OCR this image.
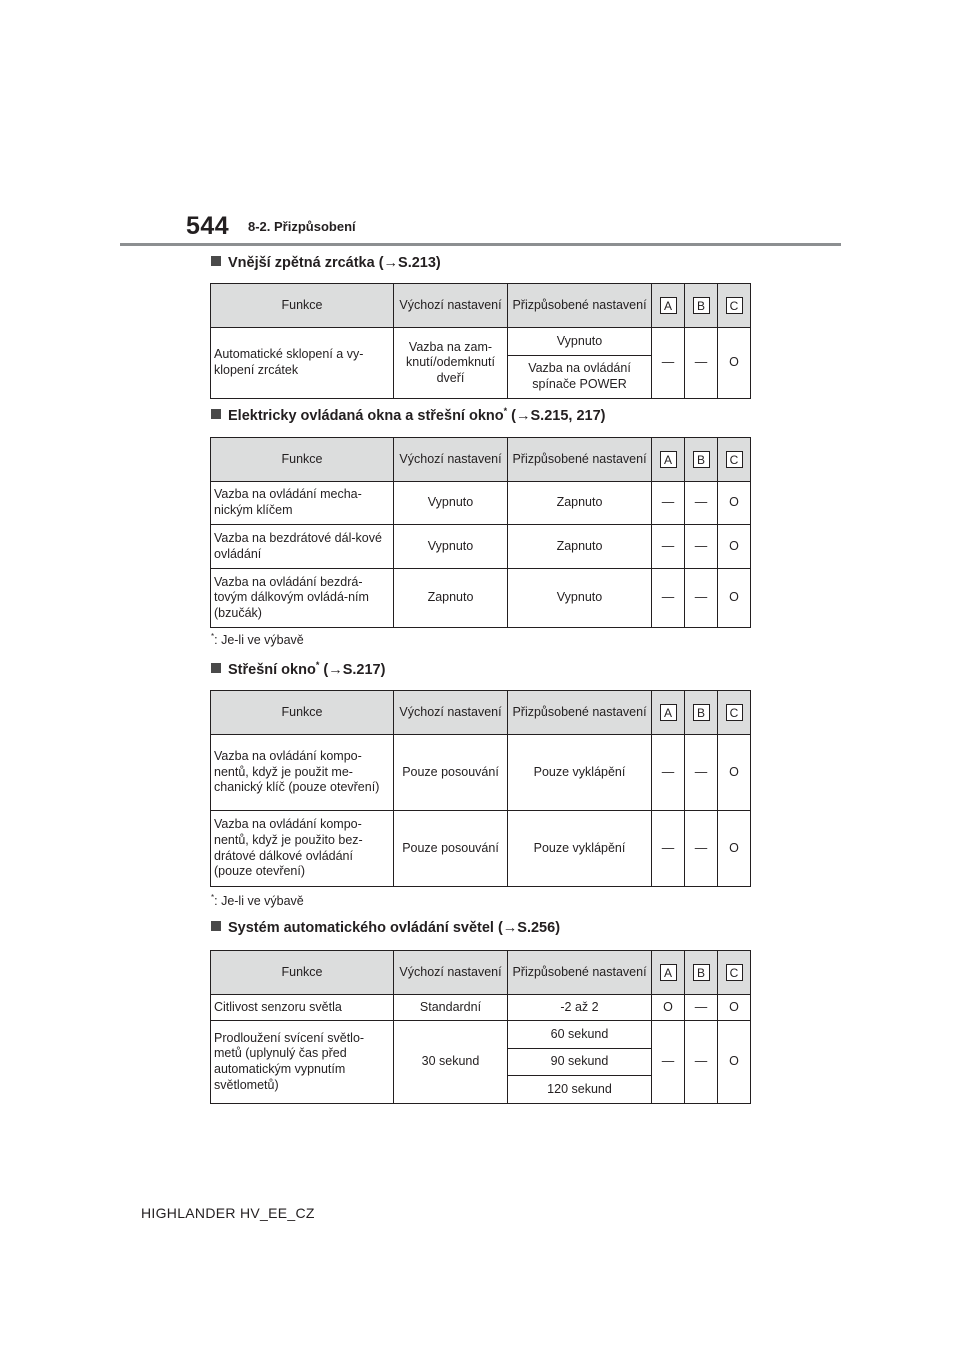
544 8-2. Přizpůsobení
Vnější zpětná zrcátka (→S.213)
Funkce	Výchozí nastavení	Přizpůsobené nastavení	A	B	C
Automatické sklopení a vy-klopení zrcátek	Vazba na zam-knutí/odemknutí dveří	Vypnuto	—	—	O
		Vazba na ovládání spínače POWER			
Elektricky ovládaná okna a střešní okno* (→S.215, 217)
Funkce	Výchozí nastavení	Přizpůsobené nastavení	A	B	C
Vazba na ovládání mecha-nickým klíčem	Vypnuto	Zapnuto	—	—	O
Vazba na bezdrátové dál-kové ovládání	Vypnuto	Zapnuto	—	—	O
Vazba na ovládání bezdrá-tovým dálkovým ovládá-ním (bzučák)	Zapnuto	Vypnuto	—	—	O
*: Je-li ve výbavě
Střešní okno* (→S.217)
Funkce	Výchozí nastavení	Přizpůsobené nastavení	A	B	C
Vazba na ovládání kompo-nentů, když je použit me-chanický klíč (pouze otevření)	Pouze posouvání	Pouze vyklápění	—	—	O
Vazba na ovládání kompo-nentů, když je použito bez-drátové dálkové ovládání (pouze otevření)	Pouze posouvání	Pouze vyklápění	—	—	O
*: Je-li ve výbavě
Systém automatického ovládání světel (→S.256)
Funkce	Výchozí nastavení	Přizpůsobené nastavení	A	B	C
Citlivost senzoru světla	Standardní	-2 až 2	O	—	O
Prodloužení svícení světlo-metů (uplynulý čas před automatickým vypnutím světlometů)	30 sekund	60 sekund	—	—	O
		90 sekund			
		120 sekund			
HIGHLANDER HV_EE_CZ
